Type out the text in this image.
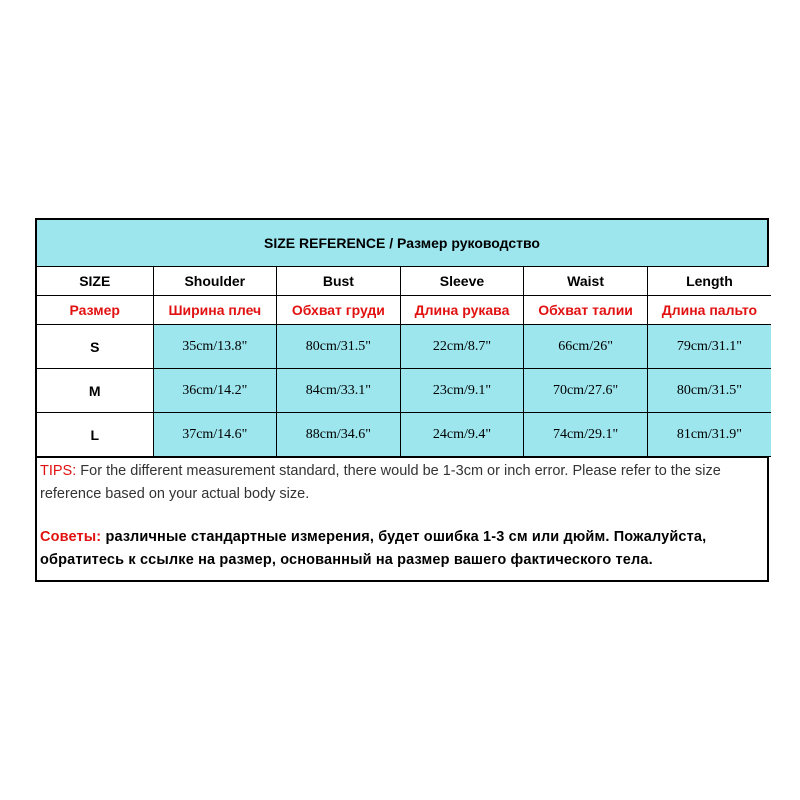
SIZE REFERENCE / Размер руководство
SIZE	Shoulder	Bust	Sleeve	Waist	Length
Размер	Ширина плеч	Обхват груди	Длина рукава	Обхват талии	Длина пальто
S	35cm/13.8"	80cm/31.5"	22cm/8.7"	66cm/26"	79cm/31.1"
M	36cm/14.2"	84cm/33.1"	23cm/9.1"	70cm/27.6"	80cm/31.5"
L	37cm/14.6"	88cm/34.6"	24cm/9.4"	74cm/29.1"	81cm/31.9"

TIPS: For the different measurement standard, there would be 1-3cm or inch error. Please refer to the size reference based on your actual body size.

Советы: различные стандартные измерения, будет ошибка 1-3 см или дюйм. Пожалуйста, обратитесь к ссылке на размер, основанный на размер вашего фактического тела.
